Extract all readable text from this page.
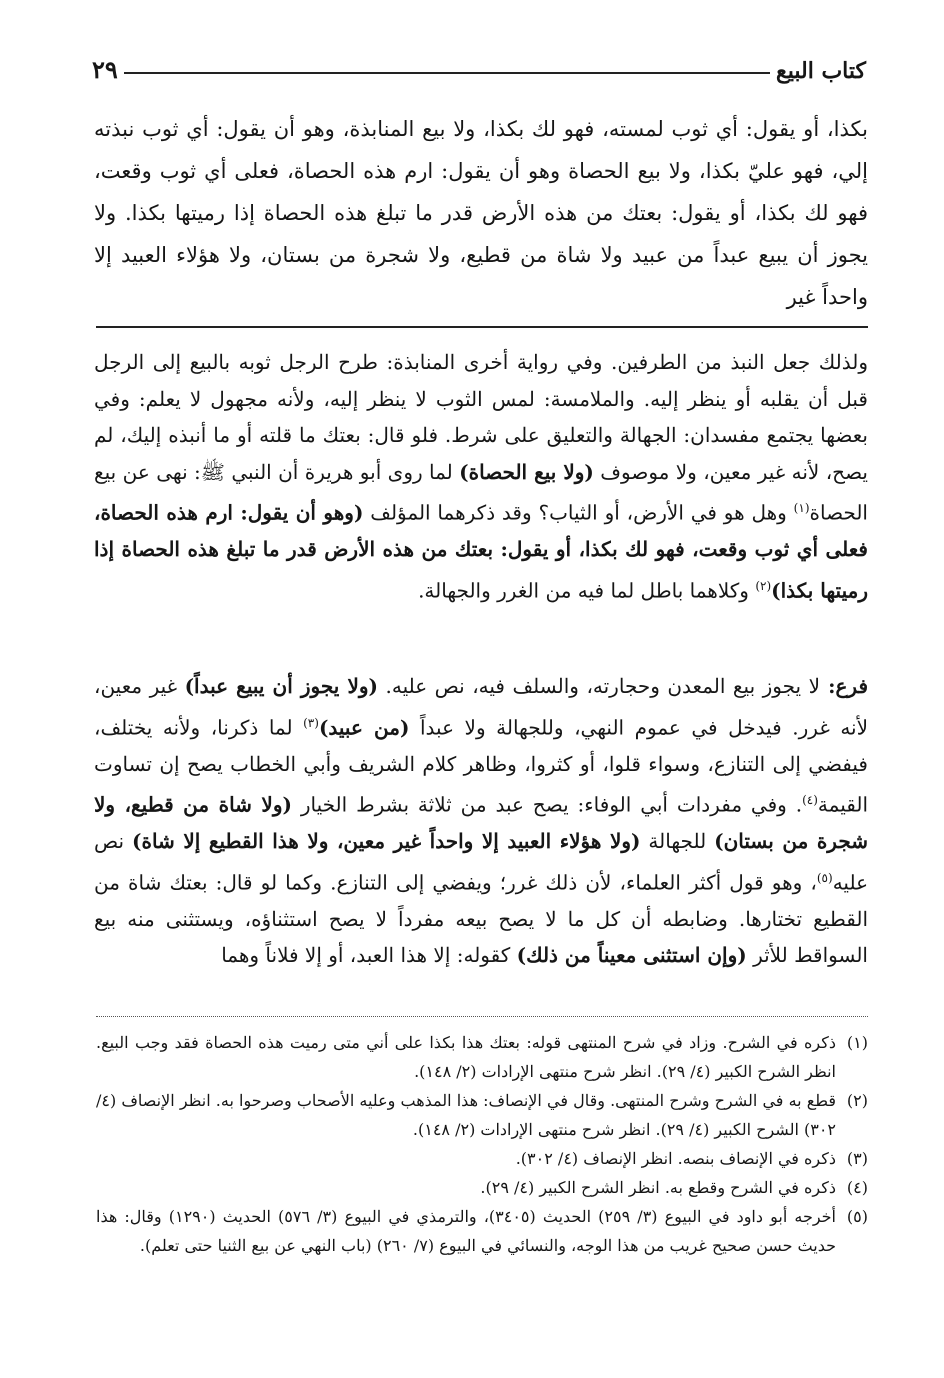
كتاب البيع
٢٩

بكذا، أو يقول: أي ثوب لمسته، فهو لك بكذا، ولا بيع المنابذة، وهو أن يقول: أي ثوب نبذته إلي، فهو عليّ بكذا، ولا بيع الحصاة وهو أن يقول: ارم هذه الحصاة، فعلى أي ثوب وقعت، فهو لك بكذا، أو يقول: بعتك من هذه الأرض قدر ما تبلغ هذه الحصاة إذا رميتها بكذا. ولا يجوز أن يبيع عبداً من عبيد ولا شاة من قطيع، ولا شجرة من بستان، ولا هؤلاء العبيد إلا واحداً غير

ولذلك جعل النبذ من الطرفين. وفي رواية أخرى المنابذة: طرح الرجل ثوبه بالبيع إلى الرجل قبل أن يقلبه أو ينظر إليه. والملامسة: لمس الثوب لا ينظر إليه، ولأنه مجهول لا يعلم: وفي بعضها يجتمع مفسدان: الجهالة والتعليق على شرط. فلو قال: بعتك ما قلته أو ما أنبذه إليك، لم يصح، لأنه غير معين، ولا موصوف (ولا بيع الحصاة) لما روى أبو هريرة أن النبي ﷺ: نهى عن بيع الحصاة$^{(١)}$ وهل هو في الأرض، أو الثياب؟ وقد ذكرهما المؤلف (وهو أن يقول: ارم هذه الحصاة، فعلى أي ثوب وقعت، فهو لك بكذا، أو يقول: بعتك من هذه الأرض قدر ما تبلغ هذه الحصاة إذا رميتها بكذا)$^{(٢)}$ وكلاهما باطل لما فيه من الغرر والجهالة.

فرع: لا يجوز بيع المعدن وحجارته، والسلف فيه، نص عليه. (ولا يجوز أن يبيع عبداً) غير معين، لأنه غرر. فيدخل في عموم النهي، وللجهالة ولا عبداً (من عبيد)$^{(٣)}$ لما ذكرنا، ولأنه يختلف، فيفضي إلى التنازع، وسواء قلوا، أو كثروا، وظاهر كلام الشريف وأبي الخطاب يصح إن تساوت القيمة$^{(٤)}$. وفي مفردات أبي الوفاء: يصح عبد من ثلاثة بشرط الخيار (ولا شاة من قطيع، ولا شجرة من بستان) للجهالة (ولا هؤلاء العبيد إلا واحداً غير معين، ولا هذا القطيع إلا شاة) نص عليه$^{(٥)}$، وهو قول أكثر العلماء، لأن ذلك غرر؛ ويفضي إلى التنازع. وكما لو قال: بعتك شاة من القطيع تختارها. وضابطه أن كل ما لا يصح بيعه مفرداً لا يصح استثناؤه، ويستثنى منه بيع السواقط للأثر (وإن استثنى معيناً من ذلك) كقوله: إلا هذا العبد، أو إلا فلاناً وهما

(١)
ذكره في الشرح. وزاد في شرح المنتهى قوله: بعتك هذا بكذا على أني متى رميت هذه الحصاة فقد وجب البيع. انظر الشرح الكبير (٤/ ٢٩). انظر شرح منتهى الإرادات (٢/ ١٤٨).
(٢)
قطع به في الشرح وشرح المنتهى. وقال في الإنصاف: هذا المذهب وعليه الأصحاب وصرحوا به. انظر الإنصاف (٤/ ٣٠٢) الشرح الكبير (٤/ ٢٩). انظر شرح منتهى الإرادات (٢/ ١٤٨).
(٣)
ذكره في الإنصاف بنصه. انظر الإنصاف (٤/ ٣٠٢).
(٤)
ذكره في الشرح وقطع به. انظر الشرح الكبير (٤/ ٢٩).
(٥)
أخرجه أبو داود في البيوع (٣/ ٢٥٩) الحديث (٣٤٠٥)، والترمذي في البيوع (٣/ ٥٧٦) الحديث (١٢٩٠) وقال: هذا حديث حسن صحيح غريب من هذا الوجه، والنسائي في البيوع (٧/ ٢٦٠) (باب النهي عن بيع الثنيا حتى تعلم).
